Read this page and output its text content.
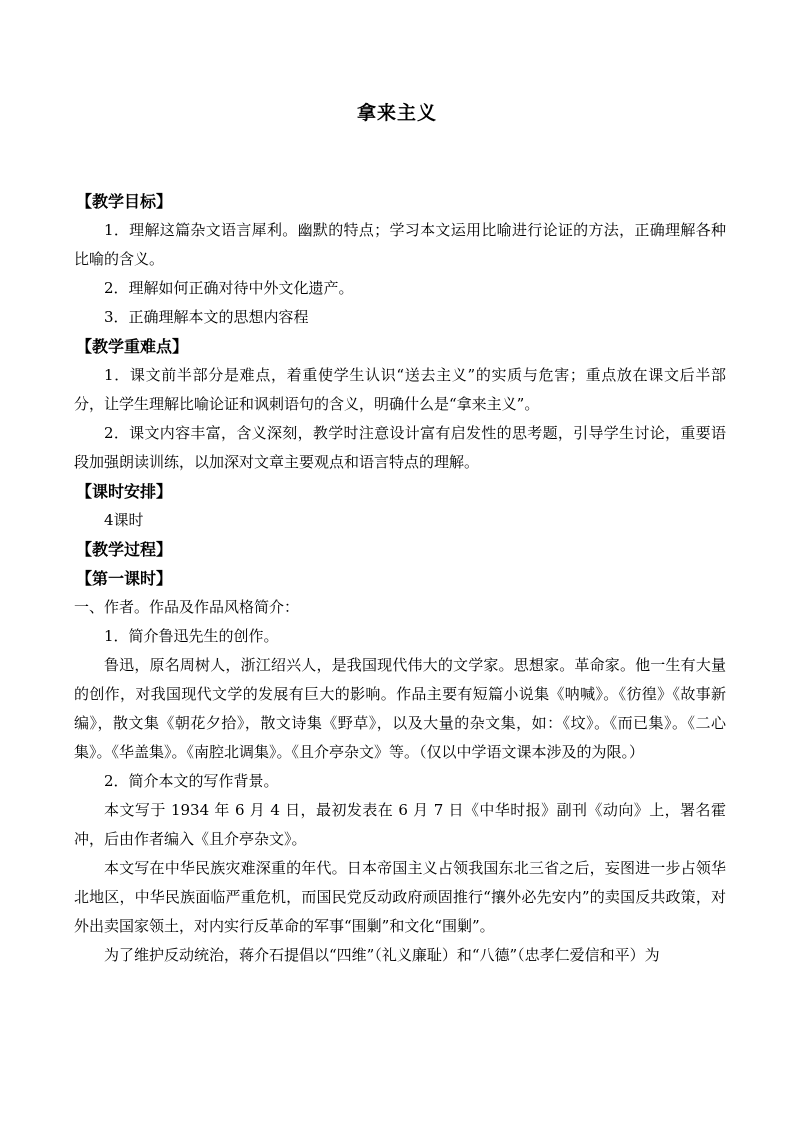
拿来主义

【教学目标】

1．理解这篇杂文语言犀利。幽默的特点；学习本文运用比喻进行论证的方法，正确理解各种比喻的含义。

2．理解如何正确对待中外文化遗产。

3．正确理解本文的思想内容程

【教学重难点】

1．课文前半部分是难点，着重使学生认识“送去主义”的实质与危害；重点放在课文后半部分，让学生理解比喻论证和讽刺语句的含义，明确什么是“拿来主义”。

2．课文内容丰富，含义深刻，教学时注意设计富有启发性的思考题，引导学生讨论，重要语段加强朗读训练，以加深对文章主要观点和语言特点的理解。

【课时安排】

4课时

【教学过程】

【第一课时】

一、作者。作品及作品风格简介：

1．简介鲁迅先生的创作。

鲁迅，原名周树人，浙江绍兴人，是我国现代伟大的文学家。思想家。革命家。他一生有大量的创作，对我国现代文学的发展有巨大的影响。作品主要有短篇小说集《呐喊》。《彷徨》《故事新编》，散文集《朝花夕拾》，散文诗集《野草》，以及大量的杂文集，如：《坟》。《而已集》。《二心集》。《华盖集》。《南腔北调集》。《且介亭杂文》等。（仅以中学语文课本涉及的为限。）

2．简介本文的写作背景。

本文写于 1934 年 6 月 4 日，最初发表在 6 月 7 日《中华时报》副刊《动向》上，署名霍冲，后由作者编入《且介亭杂文》。

本文写在中华民族灾难深重的年代。日本帝国主义占领我国东北三省之后，妄图进一步占领华北地区，中华民族面临严重危机，而国民党反动政府顽固推行“攘外必先安内”的卖国反共政策，对外出卖国家领土，对内实行反革命的军事“围剿”和文化“围剿”。

为了维护反动统治，蒋介石提倡以“四维”（礼义廉耻）和“八德”（忠孝仁爱信和平）为
